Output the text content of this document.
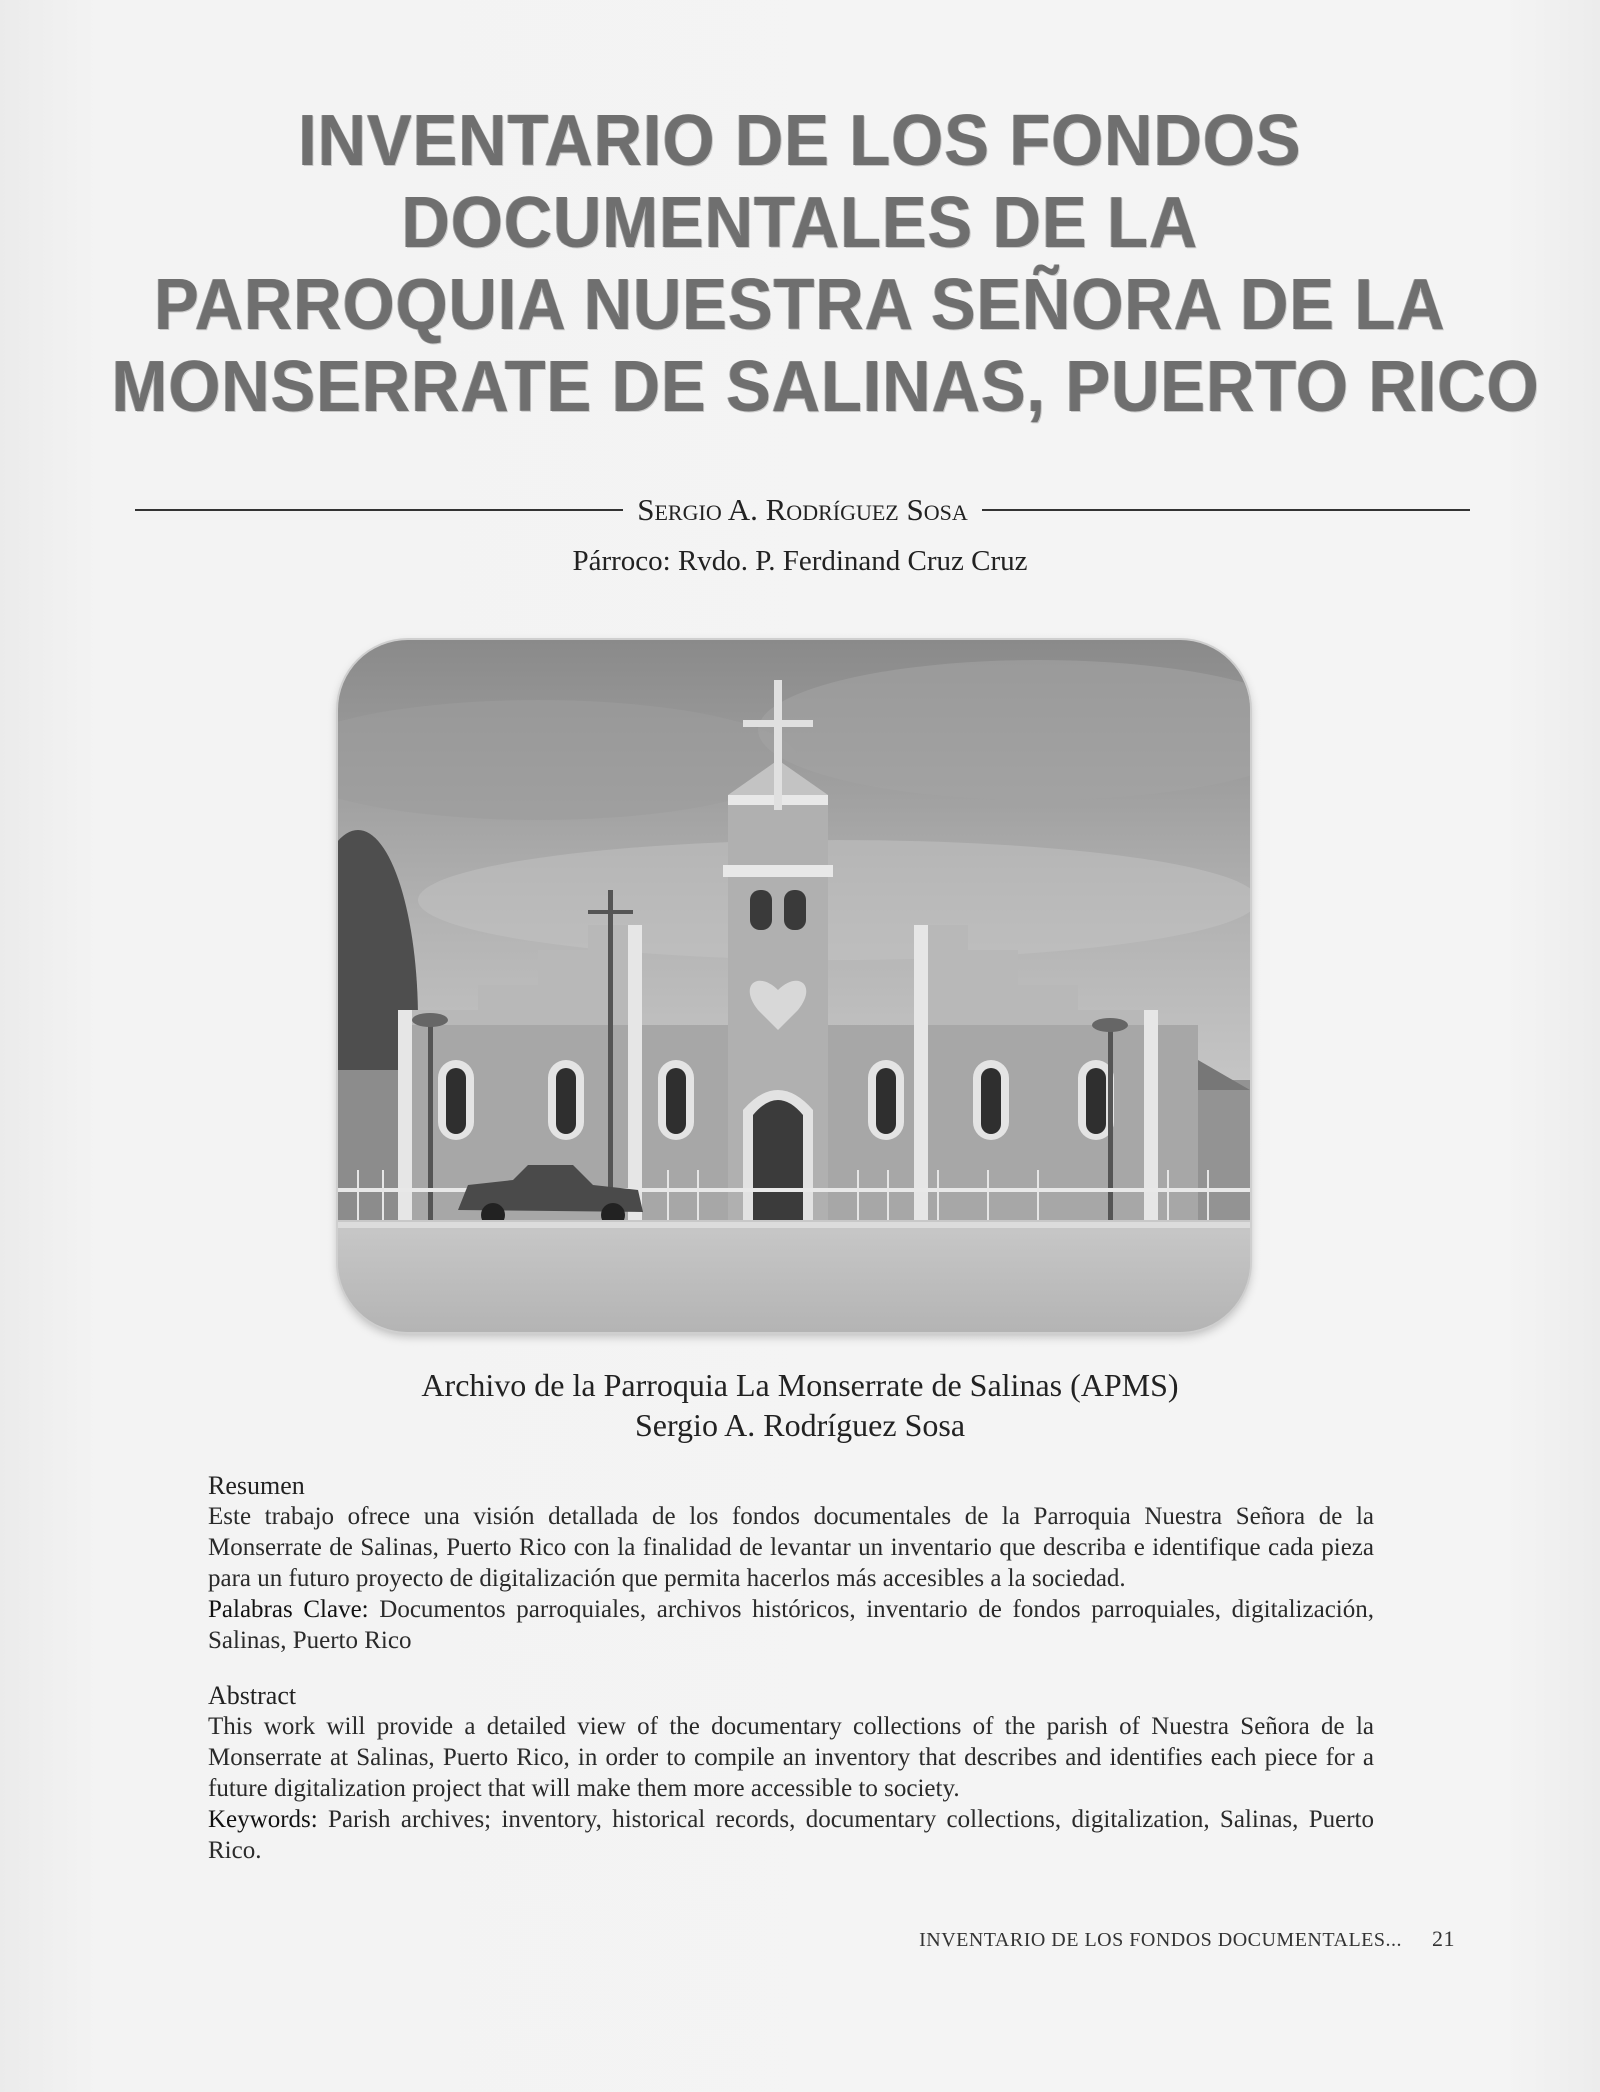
INVENTARIO DE LOS FONDOS
DOCUMENTALES DE LA
PARROQUIA NUESTRA SEÑORA DE LA
MONSERRATE DE SALINAS, PUERTO RICO
Sergio A. Rodríguez Sosa
Párroco: Rvdo. P. Ferdinand Cruz Cruz
Archivo de la Parroquia La Monserrate de Salinas (APMS)
Sergio A. Rodríguez Sosa
Resumen

Este trabajo ofrece una visión detallada de los fondos documentales de la Parroquia Nuestra Señora de la Monserrate de Salinas, Puerto Rico con la finalidad de levantar un inventario que describa e identifique cada pieza para un futuro proyecto de digitalización que permita hacerlos más accesibles a la sociedad.

Palabras Clave: Documentos parroquiales, archivos históricos, inventario de fondos parroquiales, digitalización, Salinas, Puerto Rico

Abstract

This work will provide a detailed view of the documentary collections of the parish of Nuestra Señora de la Monserrate at Salinas, Puerto Rico, in order to compile an inventory that describes and identifies each piece for a future digitalization project that will make them more accessible to society.

Keywords: Parish archives; inventory, historical records, documentary collections, digitalization, Salinas, Puerto Rico.

INVENTARIO DE LOS FONDOS DOCUMENTALES... 21
